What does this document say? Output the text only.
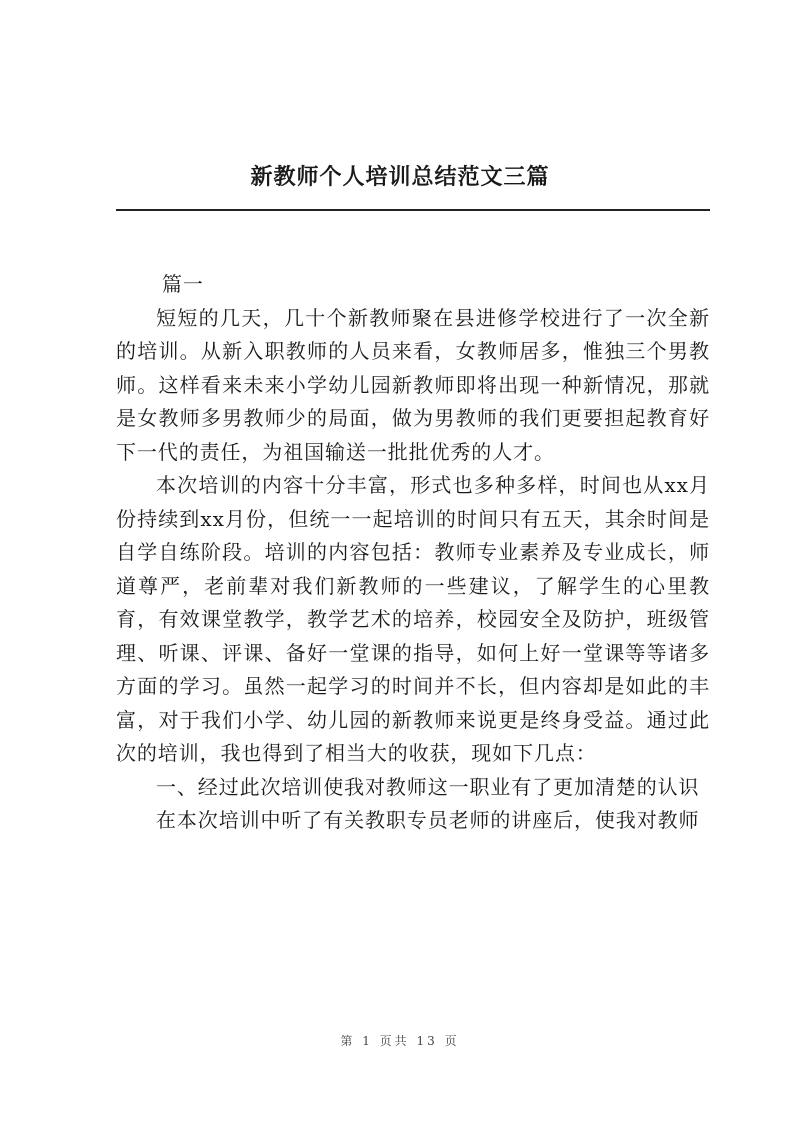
新教师个人培训总结范文三篇

篇一

短短的几天，几十个新教师聚在县进修学校进行了一次全新的培训。从新入职教师的人员来看，女教师居多，惟独三个男教师。这样看来未来小学幼儿园新教师即将出现一种新情况，那就是女教师多男教师少的局面，做为男教师的我们更要担起教育好下一代的责任，为祖国输送一批批优秀的人才。

本次培训的内容十分丰富，形式也多种多样，时间也从xx月份持续到xx月份，但统一一起培训的时间只有五天，其余时间是自学自练阶段。培训的内容包括：教师专业素养及专业成长，师道尊严，老前辈对我们新教师的一些建议，了解学生的心里教育，有效课堂教学，教学艺术的培养，校园安全及防护，班级管理、听课、评课、备好一堂课的指导，如何上好一堂课等等诸多方面的学习。虽然一起学习的时间并不长，但内容却是如此的丰富，对于我们小学、幼儿园的新教师来说更是终身受益。通过此次的培训，我也得到了相当大的收获，现如下几点：

一、经过此次培训使我对教师这一职业有了更加清楚的认识

在本次培训中听了有关教职专员老师的讲座后，使我对教师

第 1 页共 13 页
